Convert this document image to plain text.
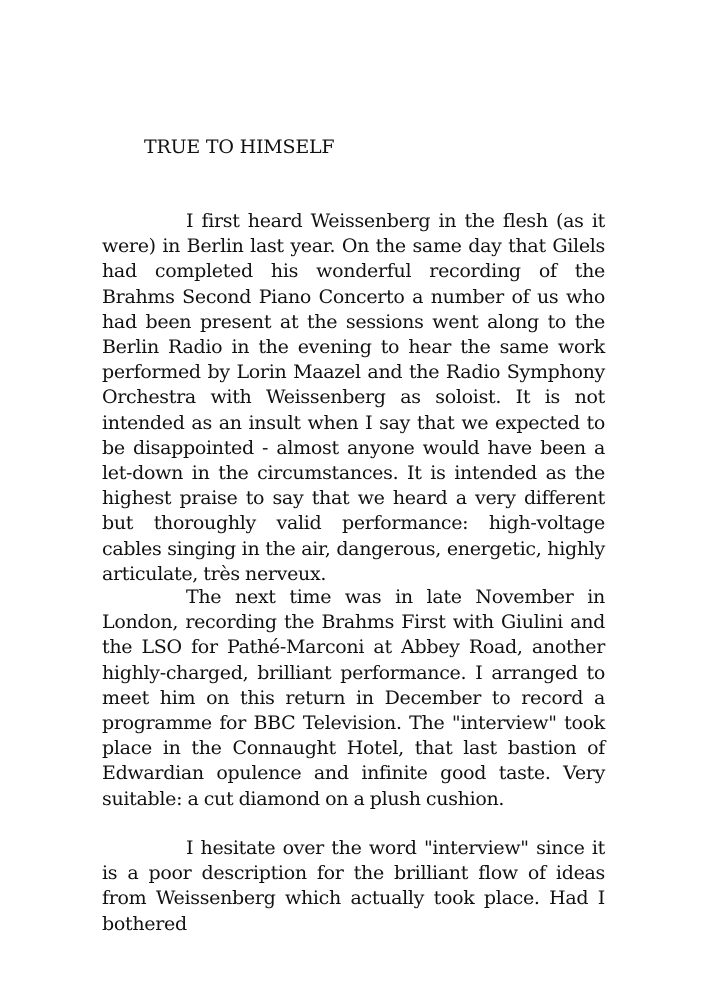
TRUE TO HIMSELF

I first heard Weissenberg in the flesh (as it were) in Berlin last year. On the same day that Gilels had completed his wonderful recording of the Brahms Second Piano Concerto a number of us who had been present at the sessions went along to the Berlin Radio in the evening to hear the same work performed by Lorin Maazel and the Radio Symphony Orchestra with Weissenberg as soloist. It is not intended as an insult when I say that we expected to be disappointed - almost anyone would have been a let-down in the circumstances. It is intended as the highest praise to say that we heard a very different but thoroughly valid performance: high-voltage cables singing in the air, dangerous, energetic, highly articulate, très nerveux.

The next time was in late November in London, recording the Brahms First with Giulini and the LSO for Pathé-Marconi at Abbey Road, another highly-charged, brilliant performance. I arranged to meet him on this return in December to record a programme for BBC Television. The "interview" took place in the Connaught Hotel, that last bastion of Edwardian opulence and infinite good taste. Very suitable: a cut diamond on a plush cushion.

I hesitate over the word "interview" since it is a poor description for the brilliant flow of ideas from Weissenberg which actually took place. Had I bothered
